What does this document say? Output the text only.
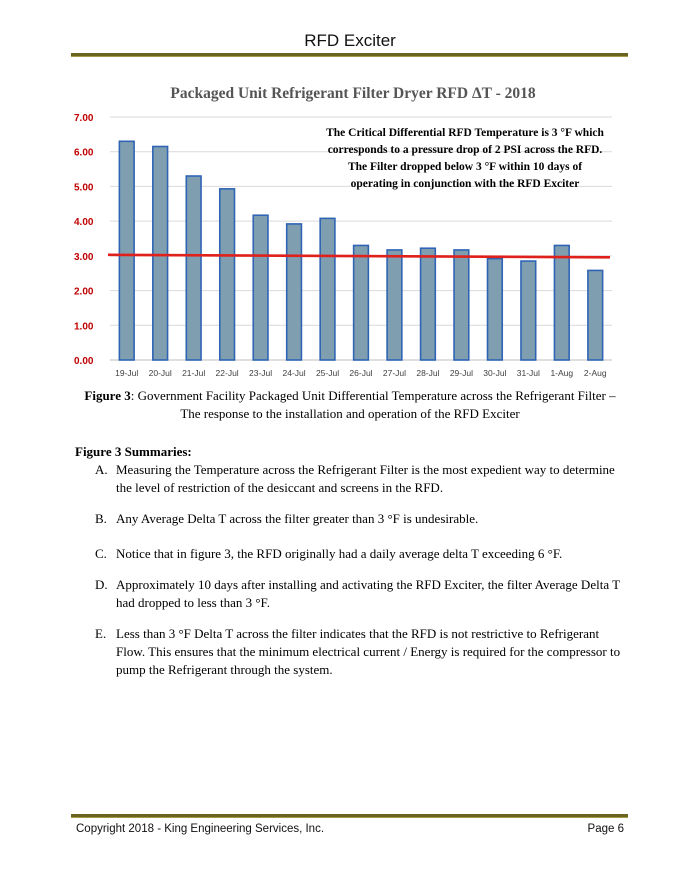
RFD Exciter
Packaged Unit Refrigerant Filter Dryer RFD ΔT - 2018
0.00
1.00
2.00
3.00
4.00
5.00
6.00
7.00
19-Jul 20-Jul 21-Jul 22-Jul 23-Jul 24-Jul 25-Jul 26-Jul 27-Jul 28-Jul 29-Jul 30-Jul 31-Jul 1-Aug 2-Aug
The Critical Differential RFD Temperature is 3 °F which
corresponds to a pressure drop of 2 PSI across the RFD.
The Filter dropped below 3 °F within 10 days of
operating in conjunction with the RFD Exciter
Figure 3: Government Facility Packaged Unit Differential Temperature across the Refrigerant Filter – The response to the installation and operation of the RFD Exciter
Figure 3 Summaries:
A. Measuring the Temperature across the Refrigerant Filter is the most expedient way to determine the level of restriction of the desiccant and screens in the RFD.
B. Any Average Delta T across the filter greater than 3 °F is undesirable.
C. Notice that in figure 3, the RFD originally had a daily average delta T exceeding 6 °F.
D. Approximately 10 days after installing and activating the RFD Exciter, the filter Average Delta T had dropped to less than 3 °F.
E. Less than 3 °F Delta T across the filter indicates that the RFD is not restrictive to Refrigerant Flow. This ensures that the minimum electrical current / Energy is required for the compressor to pump the Refrigerant through the system.
Copyright 2018 - King Engineering Services, Inc.	Page 6
